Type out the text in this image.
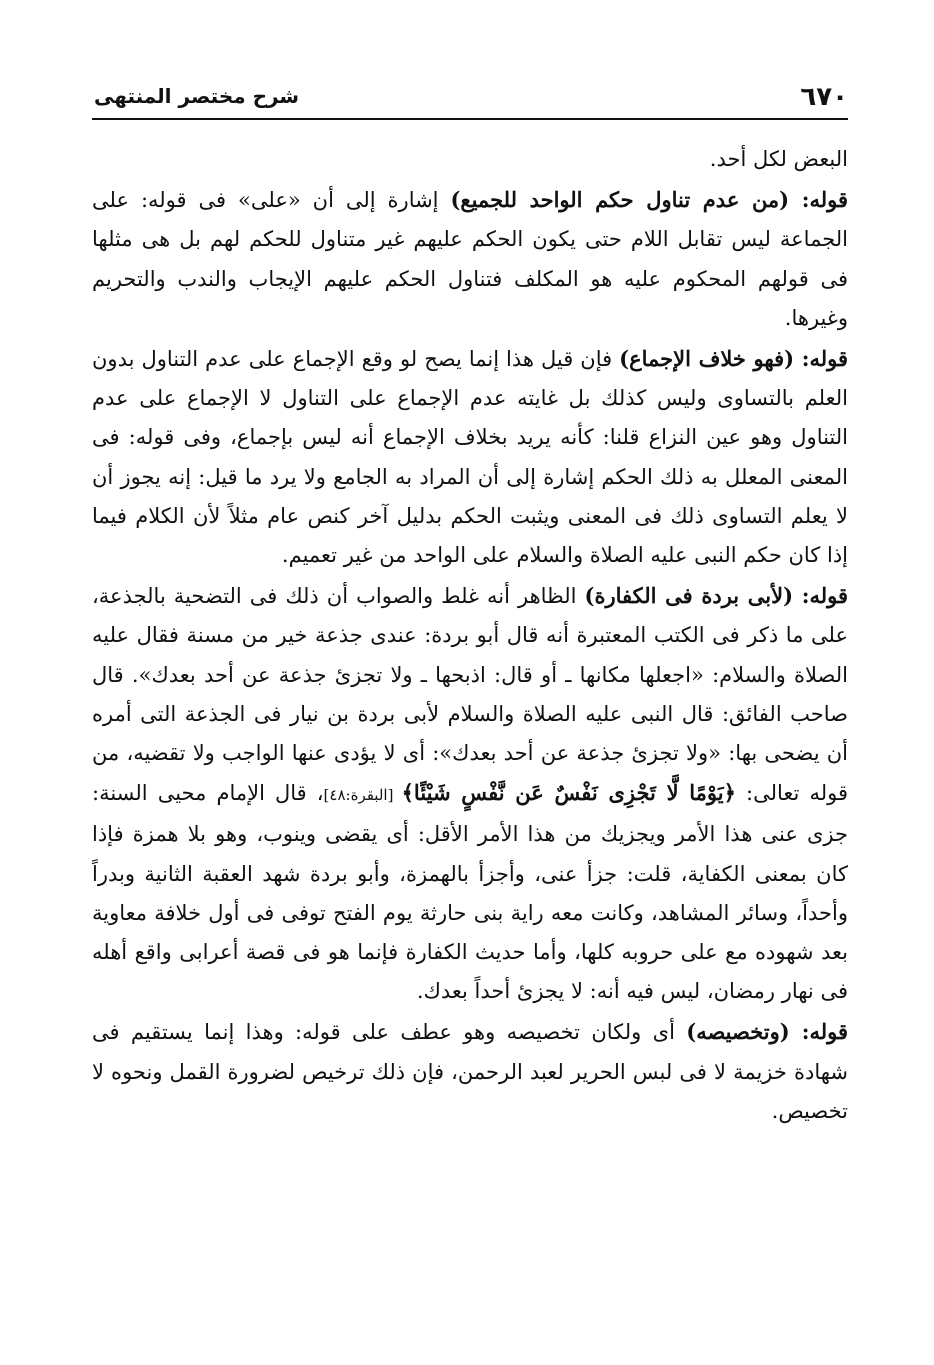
٦٧٠
شرح مختصر المنتهى

البعض لكل أحد.

قوله: (من عدم تناول حكم الواحد للجميع) إشارة إلى أن «على» فى قوله: على الجماعة ليس تقابل اللام حتى يكون الحكم عليهم غير متناول للحكم لهم بل هى مثلها فى قولهم المحكوم عليه هو المكلف فتناول الحكم عليهم الإيجاب والندب والتحريم وغيرها.

قوله: (فهو خلاف الإجماع) فإن قيل هذا إنما يصح لو وقع الإجماع على عدم التناول بدون العلم بالتساوى وليس كذلك بل غايته عدم الإجماع على التناول لا الإجماع على عدم التناول وهو عين النزاع قلنا: كأنه يريد بخلاف الإجماع أنه ليس بإجماع، وفى قوله: فى المعنى المعلل به ذلك الحكم إشارة إلى أن المراد به الجامع ولا يرد ما قيل: إنه يجوز أن لا يعلم التساوى ذلك فى المعنى ويثبت الحكم بدليل آخر كنص عام مثلاً لأن الكلام فيما إذا كان حكم النبى عليه الصلاة والسلام على الواحد من غير تعميم.

قوله: (لأبى بردة فى الكفارة) الظاهر أنه غلط والصواب أن ذلك فى التضحية بالجذعة، على ما ذكر فى الكتب المعتبرة أنه قال أبو بردة: عندى جذعة خير من مسنة فقال عليه الصلاة والسلام: «اجعلها مكانها ـ أو قال: اذبحها ـ ولا تجزئ جذعة عن أحد بعدك». قال صاحب الفائق: قال النبى عليه الصلاة والسلام لأبى بردة بن نيار فى الجذعة التى أمره أن يضحى بها: «ولا تجزئ جذعة عن أحد بعدك»: أى لا يؤدى عنها الواجب ولا تقضيه، من قوله تعالى: ﴿يَوْمًا لَّا تَجْزِى نَفْسٌ عَن نَّفْسٍ شَيْئًا﴾ [البقرة:٤٨]، قال الإمام محيى السنة: جزى عنى هذا الأمر ويجزيك من هذا الأمر الأقل: أى يقضى وينوب، وهو بلا همزة فإذا كان بمعنى الكفاية، قلت: جزأ عنى، وأجزأ بالهمزة، وأبو بردة شهد العقبة الثانية وبدراً وأحداً، وسائر المشاهد، وكانت معه راية بنى حارثة يوم الفتح توفى فى أول خلافة معاوية بعد شهوده مع على حروبه كلها، وأما حديث الكفارة فإنما هو فى قصة أعرابى واقع أهله فى نهار رمضان، ليس فيه أنه: لا يجزئ أحداً بعدك.

قوله: (وتخصيصه) أى ولكان تخصيصه وهو عطف على قوله: وهذا إنما يستقيم فى شهادة خزيمة لا فى لبس الحرير لعبد الرحمن، فإن ذلك ترخيص لضرورة القمل ونحوه لا تخصيص.
